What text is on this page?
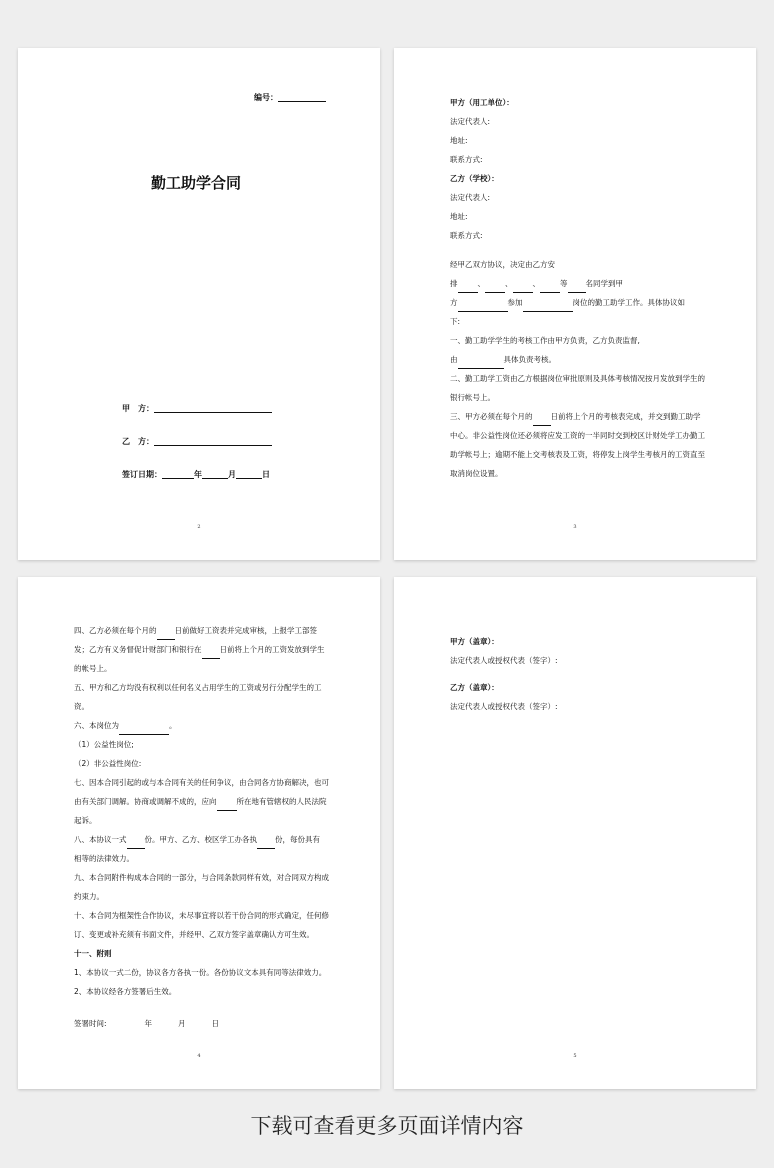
编号：
勤工助学合同
甲　方：
乙　方：
签订日期：	年	月	日
2
甲方（用工单位）：
法定代表人:
地址:
联系方式:
乙方（学校）：
法定代表人:
地址:
联系方式:
经甲乙双方协议，决定由乙方安
排	、	、	、	等 名同学到甲
方	参加	岗位的勤工助学工作。具体协议如
下:
一、勤工助学学生的考核工作由甲方负责，乙方负责监督,
由	具体负责考核。
二、勤工助学工资由乙方根据岗位审批原则及具体考核情况按月发放到学生的
银行帐号上。
三、甲方必须在每个月的 日前将上个月的考核表完成，并交到勤工助学
中心。非公益性岗位还必须将应发工资的一半同时交到校区计财处学工办勤工
助学帐号上；逾期不能上交考核表及工资，将停发上岗学生考核月的工资直至
取消岗位设置。
3
四、乙方必须在每个月的 日前做好工资表并完成审核，上报学工部签
发；乙方有义务督促计财部门和银行在 日前将上个月的工资发放到学生
的帐号上。
五、甲方和乙方均没有权利以任何名义占用学生的工资或另行分配学生的工
资。
六、本岗位为	。
（1）公益性岗位;
（2）非公益性岗位:
七、因本合同引起的或与本合同有关的任何争议，由合同各方协商解决，也可
由有关部门调解。协商或调解不成的，应向	所在地有管辖权的人民法院
起诉。
八、本协议一式 份。甲方、乙方、校区学工办各执 份，每份具有
相等的法律效力。
九、本合同附件构成本合同的一部分，与合同条款同样有效，对合同双方构成
约束力。
十、本合同为框架性合作协议，未尽事宜将以若干份合同的形式确定，任何修
订、变更或补充须有书面文件，并经甲、乙双方签字盖章确认方可生效。
十一、附则
1、本协议一式二份，协议各方各执一份。各份协议文本具有同等法律效力。
2、本协议经各方签署后生效。
签署时间:	年	月	日
4
甲方（盖章）：
法定代表人或授权代表（签字）:
乙方（盖章）：
法定代表人或授权代表（签字）:
5
下载可查看更多页面详情内容
